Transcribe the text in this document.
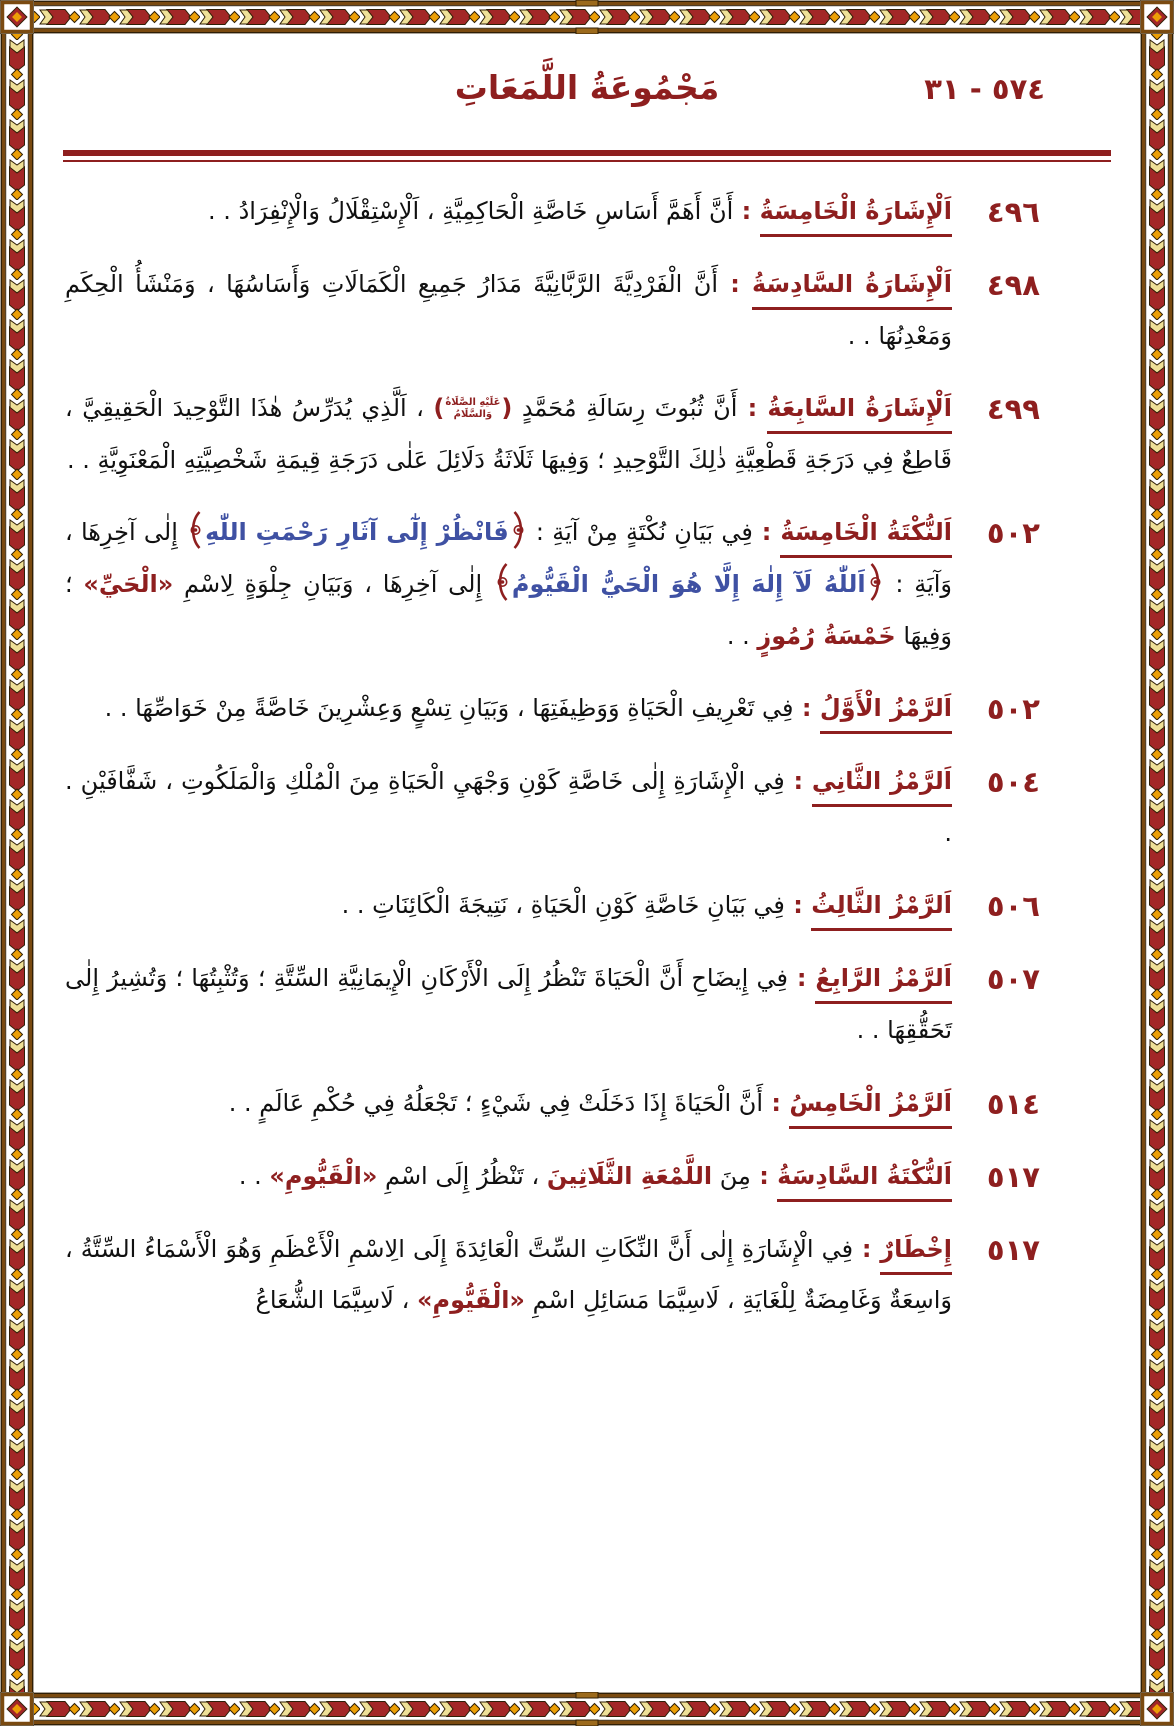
٥٧٤ - ٣١
مَجْمُوعَةُ اللَّمَعَاتِ
٤٩٦

اَلْإِشَارَةُ الْخَامِسَةُ : أَنَّ أَهَمَّ أَسَاسِ خَاصَّةِ الْحَاكِمِيَّةِ ، اَلْإِسْتِقْلَالُ وَالْإِنْفِرَادُ . .

٤٩٨

اَلْإِشَارَةُ السَّادِسَةُ : أَنَّ الْفَرْدِيَّةَ الرَّبَّانِيَّةَ مَدَارُ جَمِيعِ الْكَمَالَاتِ وَأَسَاسُهَا ، وَمَنْشَأُ الْحِكَمِ وَمَعْدِنُهَا . .

٤٩٩

اَلْإِشَارَةُ السَّابِعَةُ : أَنَّ ثُبُوتَ رِسَالَةِ مُحَمَّدٍ (عَلَيْهِ الصَّلَاةُ
وَالسَّلَامُ) ، اَلَّذِي يُدَرِّسُ هٰذَا التَّوْحِيدَ الْحَقِيقِيَّ ، قَاطِعٌ فِي دَرَجَةِ قَطْعِيَّةِ ذٰلِكَ التَّوْحِيدِ ؛ وَفِيهَا ثَلَاثَةُ دَلَائِلَ عَلٰى دَرَجَةِ قِيمَةِ شَخْصِيَّتِهِ الْمَعْنَوِيَّةِ . .

٥٠٢

اَلنُّكْتَةُ الْخَامِسَةُ : فِي بَيَانِ نُكْتَةٍ مِنْ آيَةِ : فَانْظُرْ إِلٰٓى آثَارِ رَحْمَتِ اللّٰهِ إِلٰى آخِرِهَا ، وَآيَةِ : اَللّٰهُ لَآ إِلٰهَ إِلَّا هُوَ الْحَيُّ الْقَيُّومُ إِلٰى آخِرِهَا ، وَبَيَانِ جِلْوَةٍ لِاسْمِ «الْحَيِّ» ؛ وَفِيهَا خَمْسَةُ رُمُوزٍ . .

٥٠٢

اَلرَّمْزُ الْأَوَّلُ : فِي تَعْرِيفِ الْحَيَاةِ وَوَظِيفَتِهَا ، وَبَيَانِ تِسْعٍ وَعِشْرِينَ خَاصَّةً مِنْ خَوَاصِّهَا . .

٥٠٤

اَلرَّمْزُ الثَّانِي : فِي الْإِشَارَةِ إِلٰى خَاصَّةِ كَوْنِ وَجْهَيِ الْحَيَاةِ مِنَ الْمُلْكِ وَالْمَلَكُوتِ ، شَفَّافَيْنِ . .

٥٠٦

اَلرَّمْزُ الثَّالِثُ : فِي بَيَانِ خَاصَّةِ كَوْنِ الْحَيَاةِ ، نَتِيجَةَ الْكَائِنَاتِ . .

٥٠٧

اَلرَّمْزُ الرَّابِعُ : فِي إِيضَاحِ أَنَّ الْحَيَاةَ تَنْظُرُ إِلَى الْأَرْكَانِ الْإِيمَانِيَّةِ السِّتَّةِ ؛ وَتُثْبِتُهَا ؛ وَتُشِيرُ إِلٰى تَحَقُّقِهَا . .

٥١٤

اَلرَّمْزُ الْخَامِسُ : أَنَّ الْحَيَاةَ إِذَا دَخَلَتْ فِي شَيْءٍ ؛ تَجْعَلُهُ فِي حُكْمِ عَالَمٍ . .

٥١٧

اَلنُّكْتَةُ السَّادِسَةُ : مِنَ اللَّمْعَةِ الثَّلَاثِينَ ، تَنْظُرُ إِلَى اسْمِ «الْقَيُّومِ» . .

٥١٧

إِخْطَارٌ : فِي الْإِشَارَةِ إِلٰى أَنَّ النِّكَاتِ السِّتَّ الْعَائِدَةَ إِلَى الِاسْمِ الْأَعْظَمِ وَهُوَ الْأَسْمَاءُ السِّتَّةُ ، وَاسِعَةٌ وَغَامِضَةٌ لِلْغَايَةِ ، لَاسِيَّمَا مَسَائِلِ اسْمِ «الْقَيُّومِ» ، لَاسِيَّمَا الشُّعَاعُ
